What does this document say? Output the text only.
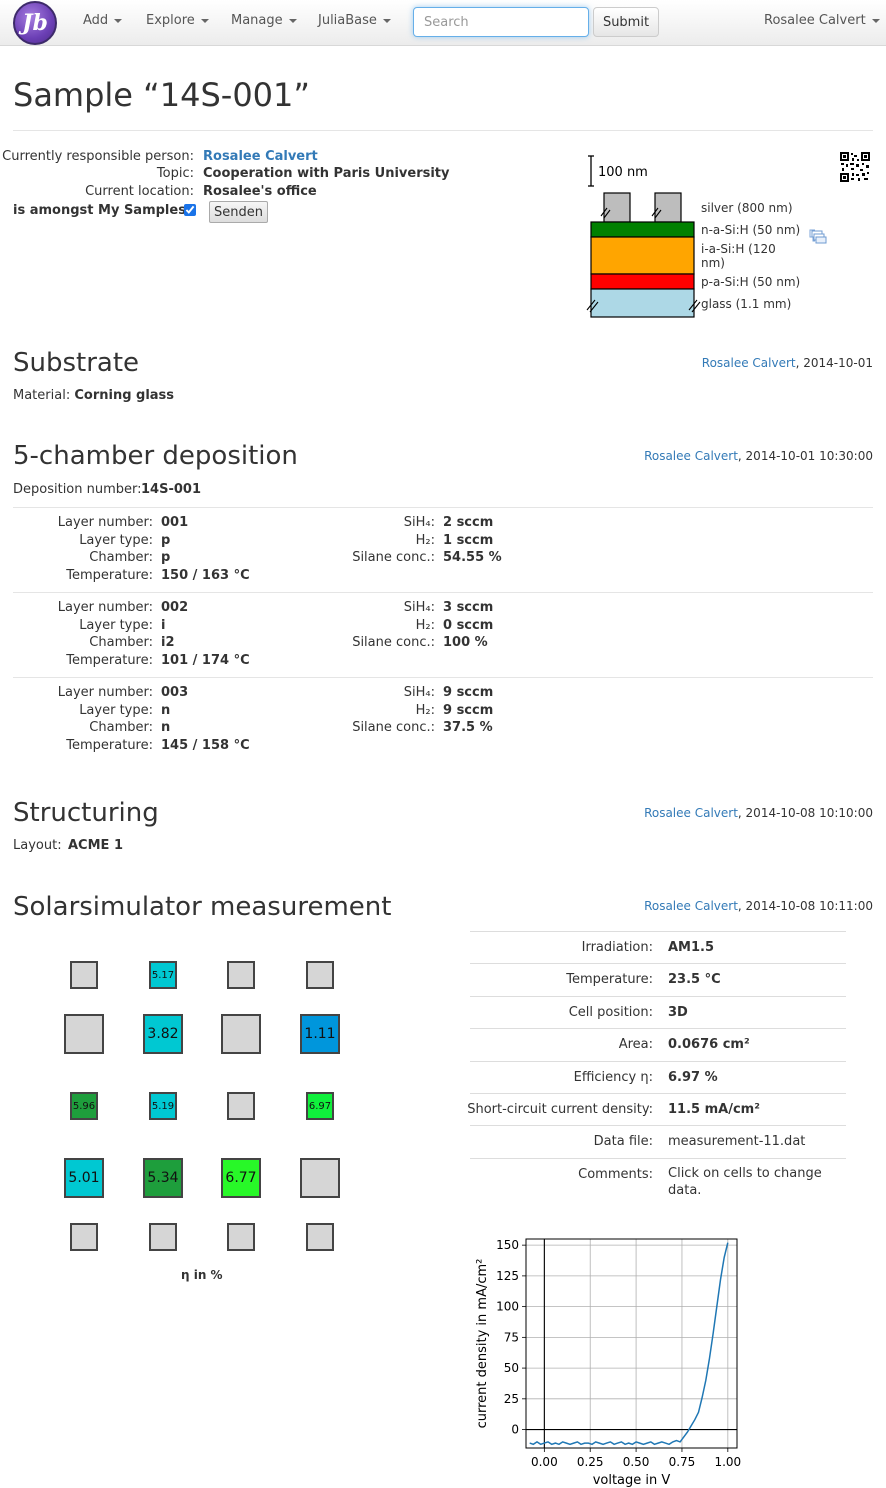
Jb	Add	Explore	Manage	JuliaBase
Search	Submit	Rosalee Calvert
Sample “14S-001”
Currently responsible person: Rosalee Calvert
Topic: Cooperation with Paris University
Current location: Rosalee's office
is amongst My Samples:	Senden
100 nm
silver (800 nm)
n-a-Si:H (50 nm)
i-a-Si:H (120
nm)
p-a-Si:H (50 nm)
glass (1.1 mm)
Substrate	Rosalee Calvert, 2014-10-01
Material: Corning glass
5-chamber deposition	Rosalee Calvert, 2014-10-01 10:30:00
Deposition number: 14S-001
Layer number: 001
Layer type: p
Chamber: p
Temperature: 150 / 163 °C
SiH₄: 2 sccm
H₂: 1 sccm
Silane conc.: 54.55 %
Layer number: 002
Layer type: i
Chamber: i2
Temperature: 101 / 174 °C
SiH₄: 3 sccm
H₂: 0 sccm
Silane conc.: 100 %
Layer number: 003
Layer type: n
Chamber: n
Temperature: 145 / 158 °C
SiH₄: 9 sccm
H₂: 9 sccm
Silane conc.: 37.5 %
Structuring	Rosalee Calvert, 2014-10-08 10:10:00
Layout: ACME 1
Solarsimulator measurement	Rosalee Calvert, 2014-10-08 10:11:00
5.17
3.82	1.11
5.96	5.19	6.97
5.01	5.34	6.77
η in %
Irradiation: AM1.5
Temperature: 23.5 °C
Cell position: 3D
Area: 0.0676 cm²
Efficiency η: 6.97 %
Short-circuit current density: 11.5 mA/cm²
Data file: measurement-11.dat
Comments: Click on cells to change
data.
0.00 0.25 0.50 0.75 1.00
0
25
50
75
100
125
150
voltage in V
current density in mA/cm²
